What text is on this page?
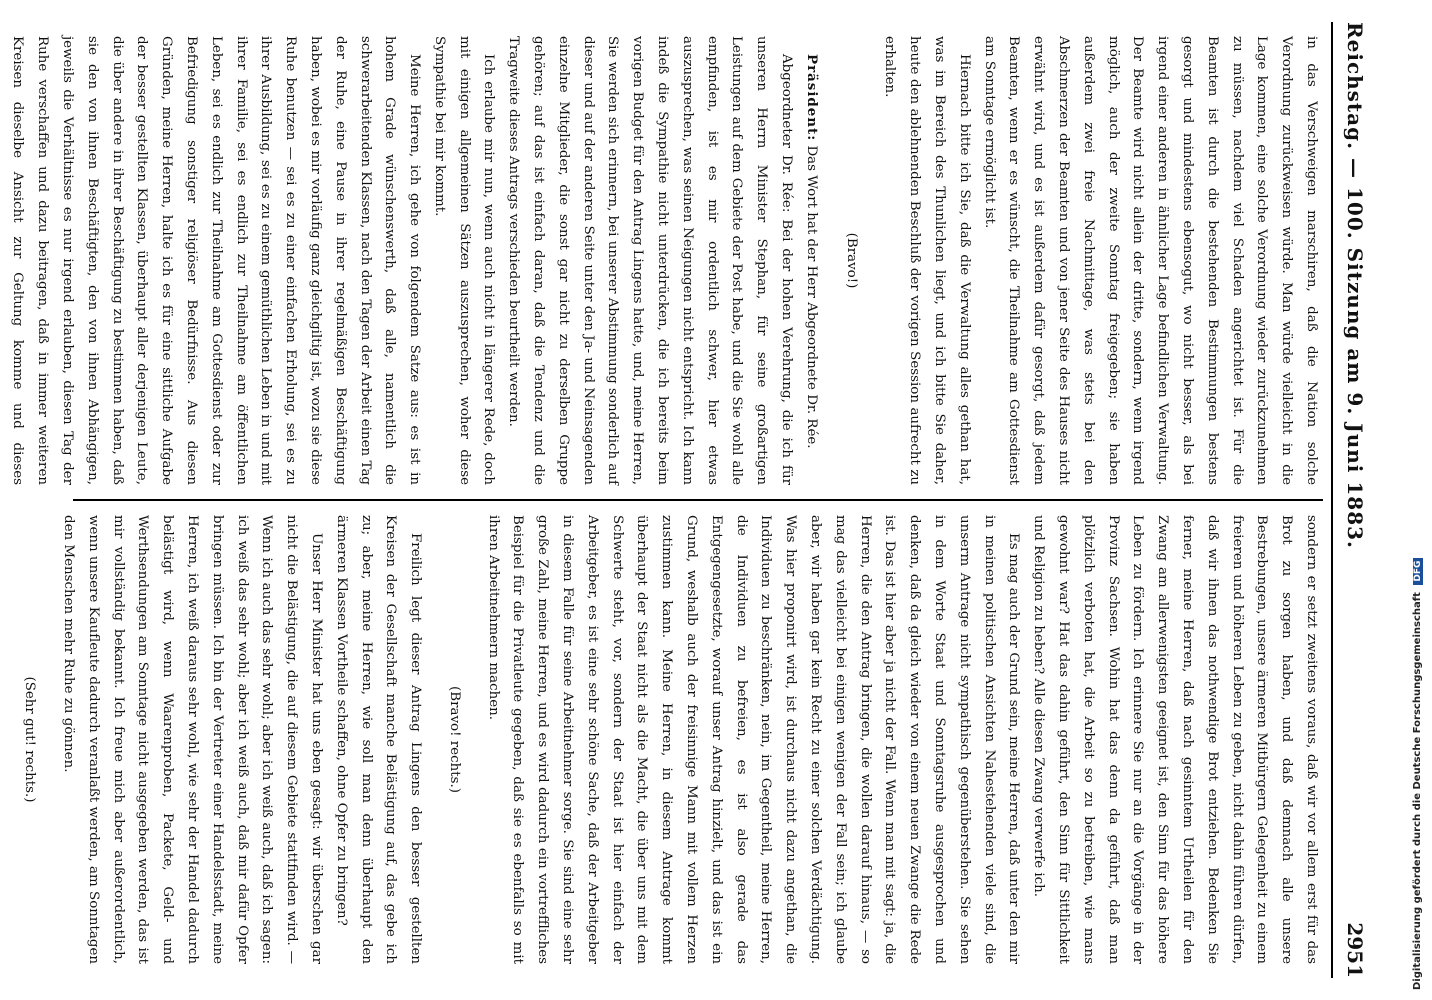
Reichstag. — 100. Sitzung am 9. Juni 1883.
2951

in das Verschweigen marschiren, daß die Nation solche Verordnung zurückweisen würde. Man würde vielleicht in die Lage kommen, eine solche Verordnung wieder zurückzunehmen zu müssen, nachdem viel Schaden angerichtet ist. Für die Beamten ist durch die bestehenden Bestimmungen bestens gesorgt und mindestens ebensogut, wo nicht besser, als bei irgend einer anderen in ähnlicher Lage befindlichen Verwaltung. Der Beamte wird nicht allein der dritte, sondern, wenn irgend möglich, auch der zweite Sonntag freigegeben; sie haben außerdem zwei freie Nachmittage, was stets bei den Abschmerzen der Beamten und von jener Seite des Hauses nicht erwähnt wird, und es ist außerdem dafür gesorgt, daß jedem Beamten, wenn er es wünscht, die Theilnahme am Gottesdienst am Sonntage ermöglicht ist.

Hiernach bitte ich Sie, daß die Verwaltung alles gethan hat, was im Bereich des Thunlichen liegt, und ich bitte Sie daher, heute den ablehnenden Beschluß der vorigen Session aufrecht zu erhalten.

(Bravo!)

Präsident: Das Wort hat der Herr Abgeordnete Dr. Rée.

Abgeordneter Dr. Rée: Bei der hohen Verehrung, die ich für unseren Herrn Minister Stephan, für seine großartigen Leistungen auf dem Gebiete der Post habe, und die Sie wohl alle empfinden, ist es mir ordentlich schwer, hier etwas auszusprechen, was seinen Neigungen nicht entspricht. Ich kann indeß die Sympathie nicht unterdrücken, die ich bereits beim vorigen Budget für den Antrag Lingens hatte, und, meine Herren, Sie werden sich erinnern, bei unserer Abstimmung sonderlich auf dieser und auf der anderen Seite unter den Ja- und Neinsagenden einzelne Mitglieder, die sonst gar nicht zu derselben Gruppe gehören; auf das ist einfach daran, daß die Tendenz und die Tragweite dieses Antrags verschieden beurtheilt werden.

Ich erlaube mir nun, wenn auch nicht in längerer Rede, doch mit einigen allgemeinen Sätzen auszusprechen, woher diese Sympathie bei mir kommt.

Meine Herren, ich gehe von folgendem Satze aus: es ist in hohem Grade wünschenswerth, daß alle, namentlich die schwerarbeitenden Klassen, nach den Tagen der Arbeit einen Tag der Ruhe, eine Pause in ihrer regelmäßigen Beschäftigung haben, wobei es mir vorläufig ganz gleichgiltig ist, wozu sie diese Ruhe benutzen — sei es zu einer einfachen Erholung, sei es zu ihrer Ausbildung, sei es zu einem gemüthlichen Leben in und mit ihrer Familie, sei es endlich zur Theilnahme am öffentlichen Leben, sei es endlich zur Theilnahme am Gottesdienst oder zur Befriedigung sonstiger religiöser Bedürfnisse. Aus diesen Gründen, meine Herren, halte ich es für eine sittliche Aufgabe der besser gestellten Klassen, überhaupt aller derjenigen Leute, die über andere in ihrer Beschäftigung zu bestimmen haben, daß sie den von ihnen Beschäftigten, den von ihnen Abhängigen, jeweils die Verhältnisse es nur irgend erlauben, diesen Tag der Ruhe verschaffen und dazu beitragen, daß in immer weiteren Kreisen dieselbe Ansicht zur Geltung komme und dieses

sondern er setzt zweitens voraus, daß wir vor allem erst für das Brot zu sorgen haben, und daß demnach alle unsere Bestrebungen, unsere ärmeren Mitbürgern Gelegenheit zu einem freieren und höheren Leben zu geben, nicht dahin führen dürfen, daß wir ihnen das nothwendige Brot entziehen. Bedenken Sie ferner, meine Herren, daß nach gesinntem Urtheilen für den Zwang am allerwenigsten geeignet ist, den Sinn für das höhere Leben zu fördern. Ich erinnere Sie nur an die Vorgänge in der Provinz Sachsen. Wohin hat das denn da geführt, daß man plötzlich verboten hat, die Arbeit so zu betreiben, wie mans gewohnt war? Hat das dahin geführt, den Sinn für Sittlichkeit und Religion zu heben? Alle diesen Zwang verwerfe ich.

Es mag auch der Grund sein, meine Herren, daß unter den mir in meinen politischen Ansichten Nahestehenden viele sind, die unserm Antrage nicht sympathisch gegenüberstehen. Sie sehen in dem Worte Staat und Sonntagsruhe ausgesprochen und denken, daß da gleich wieder von einem neuen Zwange die Rede ist. Das ist hier aber ja nicht der Fall. Wenn man mit sagt: ja, die Herren, die den Antrag bringen, die wollen darauf hinaus, — so mag das vielleicht bei einigen wenigen der Fall sein; ich glaube aber, wir haben gar kein Recht zu einer solchen Verdächtigung. Was hier proponirt wird, ist durchaus nicht dazu angethan, die Individuen zu beschränken, nein, im Gegentheil, meine Herren, die Individuen zu befreien, es ist also gerade das Entgegengesetzte, worauf unser Antrag hinzielt, und das ist ein Grund, weshalb auch der freisinnige Mann mit vollem Herzen zustimmen kann. Meine Herren, in diesem Antrage kommt überhaupt der Staat nicht als die Macht, die über uns mit dem Schwerte steht, vor, sondern der Staat ist hier einfach der Arbeitgeber, es ist eine sehr schöne Sache, daß der Arbeitgeber in diesem Falle für seine Arbeitnehmer sorge. Sie sind eine sehr große Zahl, meine Herren, und es wird dadurch ein vortreffliches Beispiel für die Privatleute gegeben, daß sie es ebenfalls so mit ihren Arbeitnehmern machen.

(Bravo! rechts.)

Freilich legt dieser Antrag Lingens den besser gestellten Kreisen der Gesellschaft manche Belästigung auf, das gebe ich zu; aber, meine Herren, wie soll man denn überhaupt den ärmeren Klassen Vortheile schaffen, ohne Opfer zu bringen?

Unser Herr Minister hat uns eben gesagt: wir überschen gar nicht die Belästigung, die auf diesem Gebiete stattfinden wird. — Wenn ich auch das sehr wohl; aber ich weiß auch, daß ich sagen: ich weiß das sehr wohl; aber ich weiß auch, daß mir dafür Opfer bringen müssen. Ich bin der Vertreter einer Handelsstadt, meine Herren, ich weiß daraus sehr wohl, wie sehr der Handel dadurch belästigt wird, wenn Waarenproben, Packete, Geld- und Werthsendungen am Sonntage nicht ausgegeben werden, das ist mir vollständig bekannt. Ich freue mich aber außerordentlich, wenn unsere Kaufleute dadurch veranlaßt werden, am Sonntagen den Menschen mehr Ruhe zu gönnen.

(Sehr gut! rechts.)	Digitalisierung gefördert durch die Deutsche Forschungsgemeinschaft DFG
